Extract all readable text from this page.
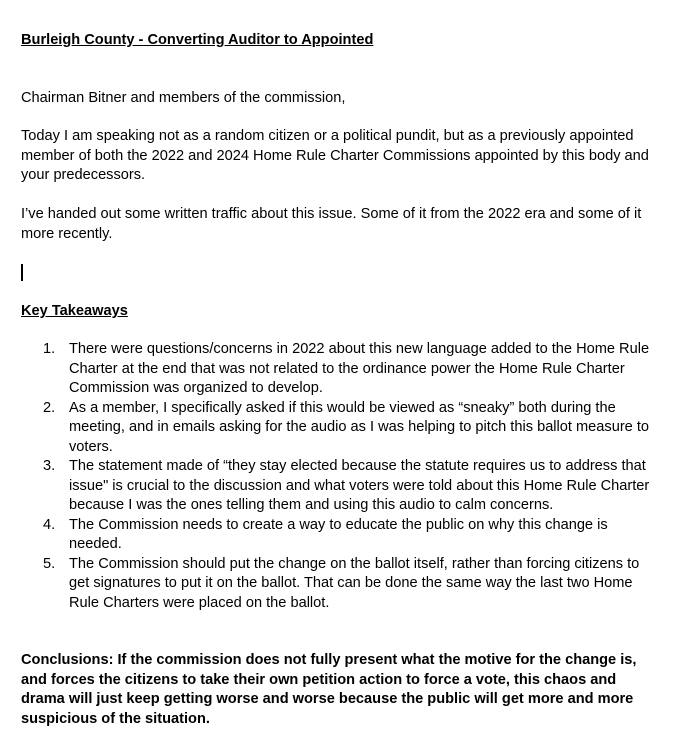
Burleigh County - Converting Auditor to Appointed
Chairman Bitner and members of the commission,
Today I am speaking not as a random citizen or a political pundit, but as a previously appointed member of both the 2022 and 2024 Home Rule Charter Commissions appointed by this body and your predecessors.
I’ve handed out some written traffic about this issue. Some of it from the 2022 era and some of it more recently.
Key Takeaways
1. There were questions/concerns in 2022 about this new language added to the Home Rule Charter at the end that was not related to the ordinance power the Home Rule Charter Commission was organized to develop.
2. As a member, I specifically asked if this would be viewed as “sneaky” both during the meeting, and in emails asking for the audio as I was helping to pitch this ballot measure to voters.
3. The statement made of “they stay elected because the statute requires us to address that issue" is crucial to the discussion and what voters were told about this Home Rule Charter because I was the ones telling them and using this audio to calm concerns.
4. The Commission needs to create a way to educate the public on why this change is needed.
5. The Commission should put the change on the ballot itself, rather than forcing citizens to get signatures to put it on the ballot. That can be done the same way the last two Home Rule Charters were placed on the ballot.
Conclusions: If the commission does not fully present what the motive for the change is, and forces the citizens to take their own petition action to force a vote, this chaos and drama will just keep getting worse and worse because the public will get more and more suspicious of the situation.
